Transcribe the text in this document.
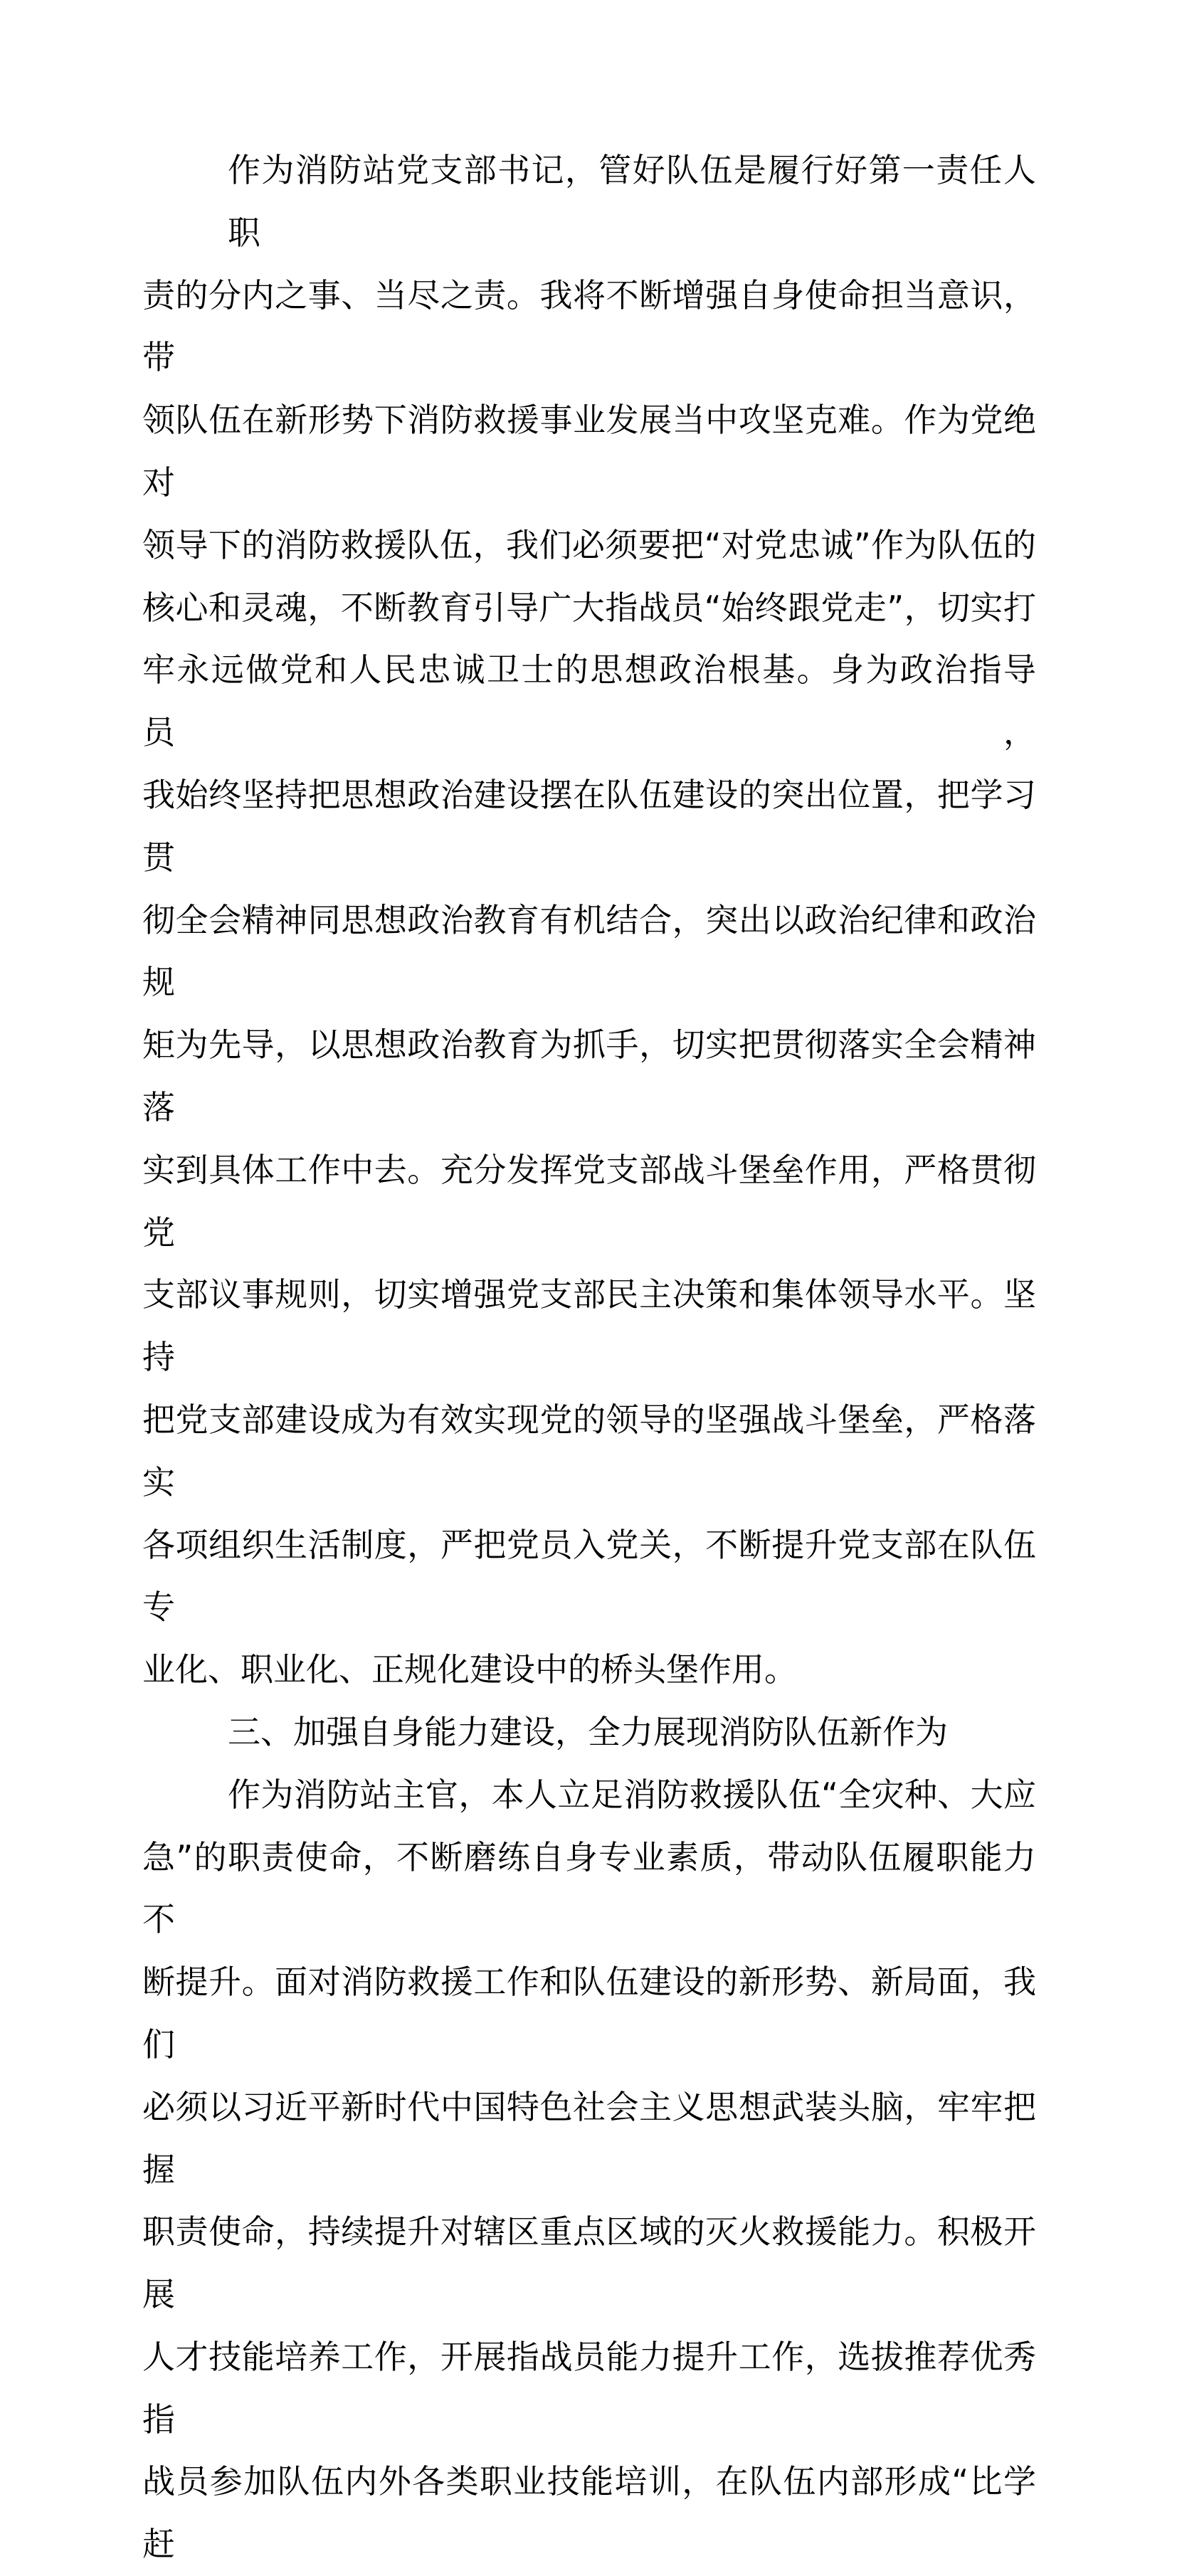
作为消防站党支部书记，管好队伍是履行好第一责任人职
责的分内之事、当尽之责。我将不断增强自身使命担当意识，带
领队伍在新形势下消防救援事业发展当中攻坚克难。作为党绝对
领导下的消防救援队伍，我们必须要把“对党忠诚”作为队伍的
核心和灵魂，不断教育引导广大指战员“始终跟党走”，切实打
牢永远做党和人民忠诚卫士的思想政治根基。身为政治指导员，
我始终坚持把思想政治建设摆在队伍建设的突出位置，把学习贯
彻全会精神同思想政治教育有机结合，突出以政治纪律和政治规
矩为先导，以思想政治教育为抓手，切实把贯彻落实全会精神落
实到具体工作中去。充分发挥党支部战斗堡垒作用，严格贯彻党
支部议事规则，切实增强党支部民主决策和集体领导水平。坚持
把党支部建设成为有效实现党的领导的坚强战斗堡垒，严格落实
各项组织生活制度，严把党员入党关，不断提升党支部在队伍专
业化、职业化、正规化建设中的桥头堡作用。
三、加强自身能力建设，全力展现消防队伍新作为
作为消防站主官，本人立足消防救援队伍“全灾种、大应
急”的职责使命，不断磨练自身专业素质，带动队伍履职能力不
断提升。面对消防救援工作和队伍建设的新形势、新局面，我们
必须以习近平新时代中国特色社会主义思想武装头脑，牢牢把握
职责使命，持续提升对辖区重点区域的灭火救援能力。积极开展
人才技能培养工作，开展指战员能力提升工作，选拔推荐优秀指
战员参加队伍内外各类职业技能培训，在队伍内部形成“比学赶
